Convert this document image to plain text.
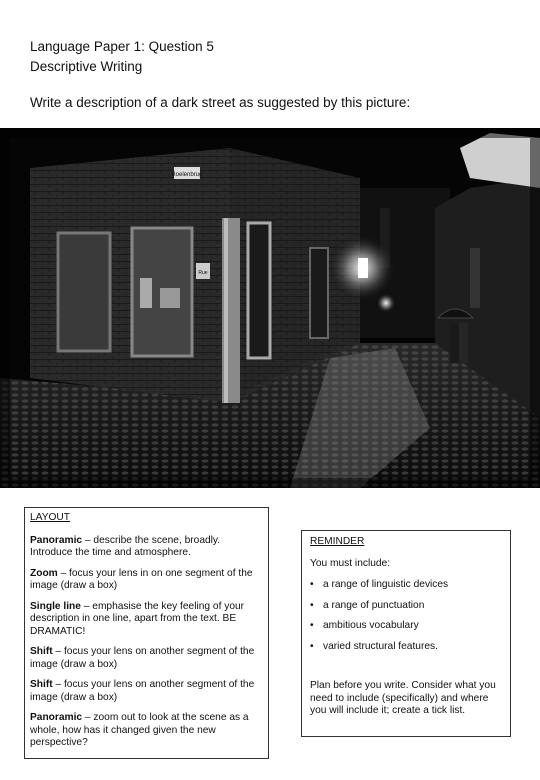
Language Paper 1: Question 5
Descriptive Writing
Write a description of a dark street as suggested by this picture:
Boelenbrug
Rue
LAYOUT
Panoramic – describe the scene, broadly. Introduce the time and atmosphere.
Zoom – focus your lens in on one segment of the image (draw a box)
Single line – emphasise the key feeling of your description in one line, apart from the text. BE DRAMATIC!
Shift – focus your lens on another segment of the image (draw a box)
Shift – focus your lens on another segment of the image (draw a box)
Panoramic – zoom out to look at the scene as a whole, how has it changed given the new perspective?
REMINDER
You must include:
• a range of linguistic devices
• a range of punctuation
• ambitious vocabulary
• varied structural features.
Plan before you write. Consider what you need to include (specifically) and where you will include it; create a tick list.
